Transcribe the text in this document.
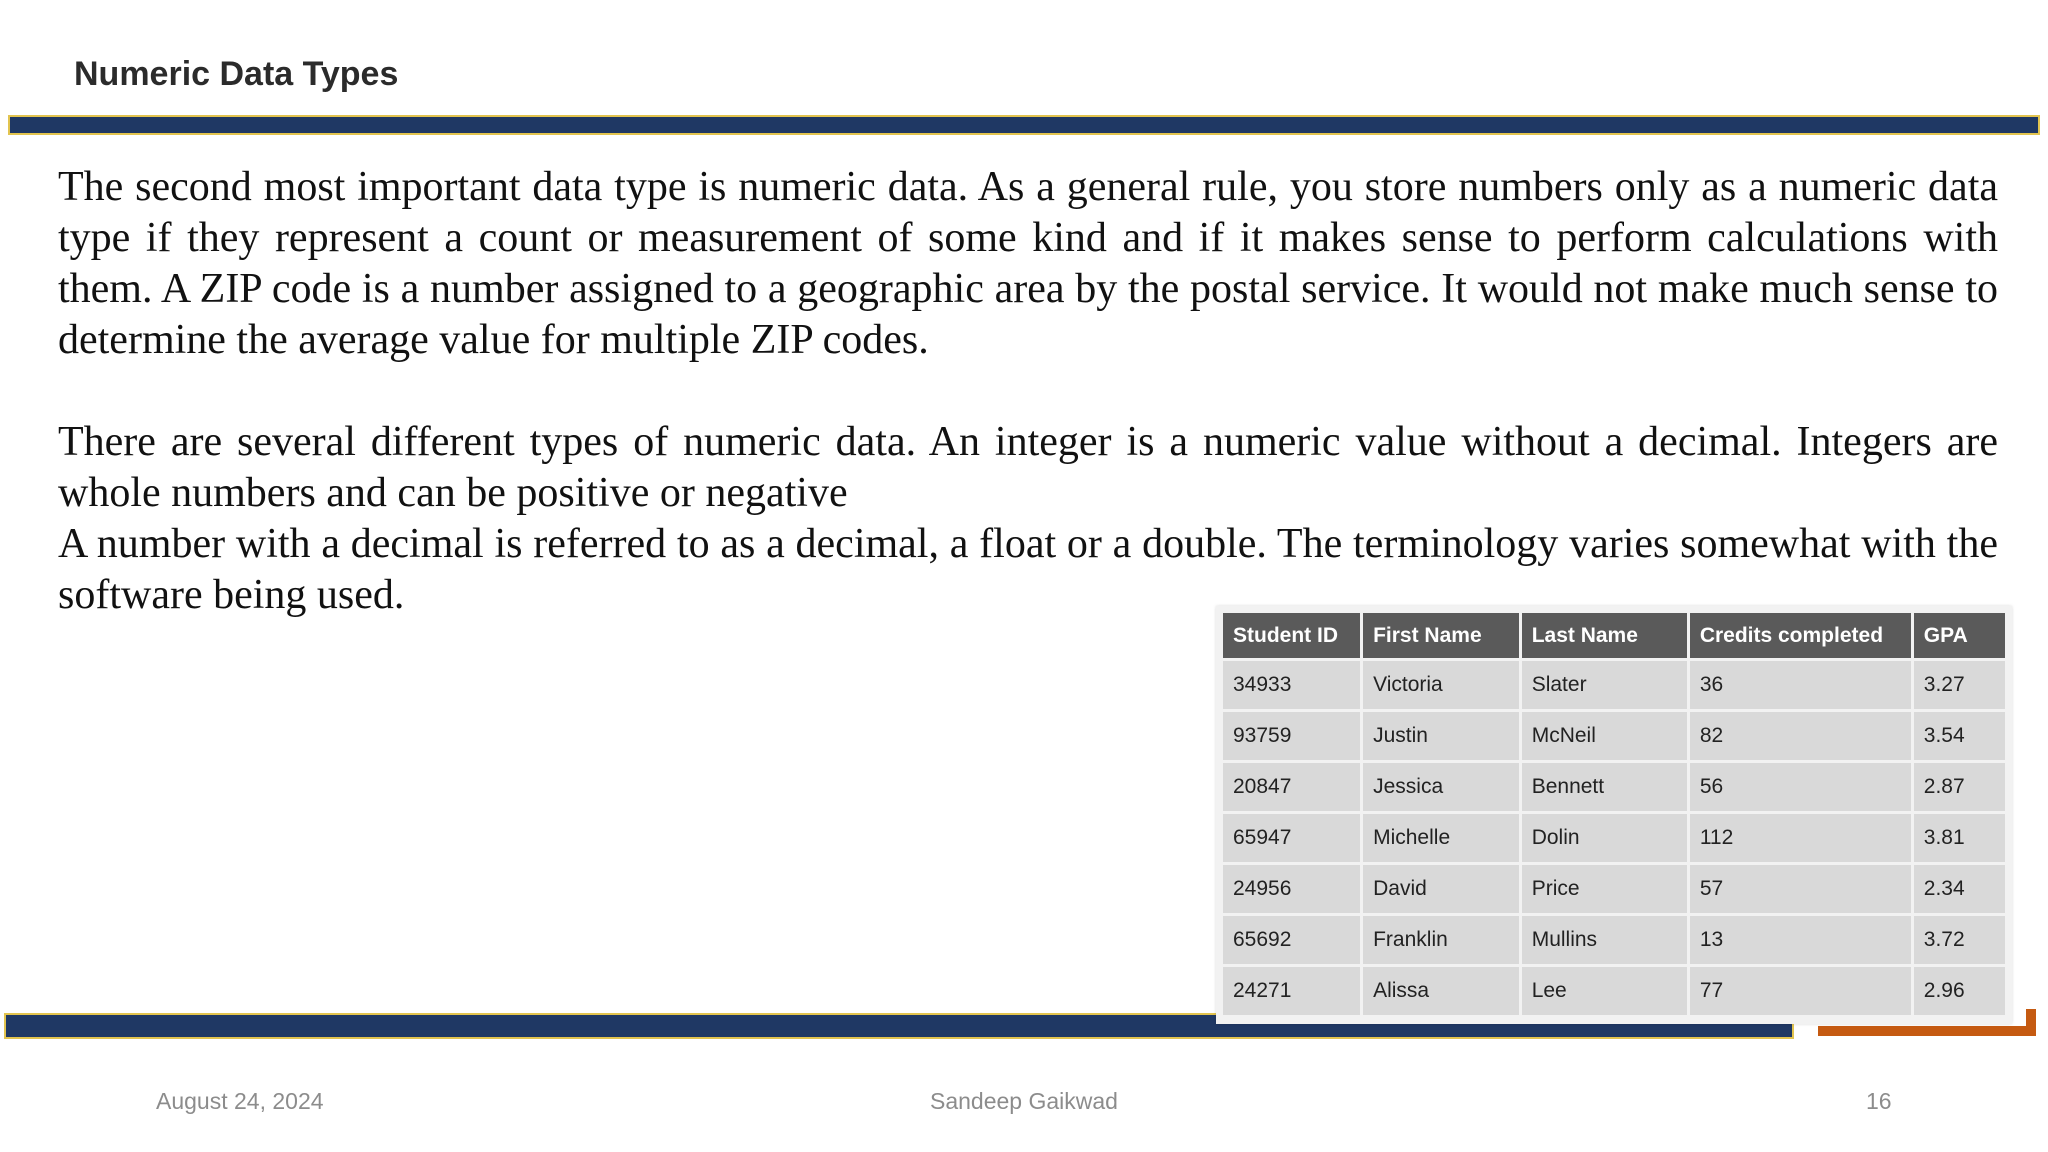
Numeric Data Types

The second most important data type is numeric data. As a general rule, you store numbers only as a numeric data type if they represent a count or measurement of some kind and if it makes sense to perform calculations with them. A ZIP code is a number assigned to a geographic area by the postal service. It would not make much sense to determine the average value for multiple ZIP codes.

There are several different types of numeric data. An integer is a numeric value without a decimal. Integers are whole numbers and can be positive or negative

A number with a decimal is referred to as a decimal, a float or a double. The terminology varies somewhat with the software being used.

Student ID	First Name	Last Name	Credits completed	GPA
34933	Victoria	Slater	36	3.27
93759	Justin	McNeil	82	3.54
20847	Jessica	Bennett	56	2.87
65947	Michelle	Dolin	112	3.81
24956	David	Price	57	2.34
65692	Franklin	Mullins	13	3.72
24271	Alissa	Lee	77	2.96
August 24, 2024	Sandeep Gaikwad	16
